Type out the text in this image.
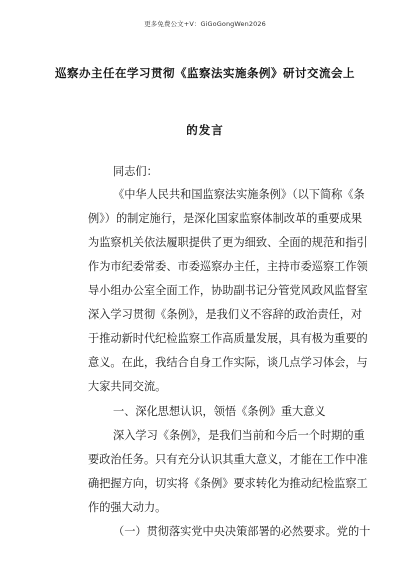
更多免费公文+V：GiGoGongWen2026
巡察办主任在学习贯彻《监察法实施条例》研讨交流会上
的发言
同志们：
《中华人民共和国监察法实施条例》（以下简称《条
例》）的制定施行，是深化国家监察体制改革的重要成果
为监察机关依法履职提供了更为细致、全面的规范和指引
作为市纪委常委、市委巡察办主任，主持市委巡察工作领
导小组办公室全面工作，协助副书记分管党风政风监督室
深入学习贯彻《条例》，是我们义不容辞的政治责任，对
于推动新时代纪检监察工作高质量发展，具有极为重要的
意义。在此，我结合自身工作实际，谈几点学习体会，与
大家共同交流。
一、深化思想认识，领悟《条例》重大意义
深入学习《条例》，是我们当前和今后一个时期的重
要政治任务。只有充分认识其重大意义，才能在工作中准
确把握方向，切实将《条例》要求转化为推动纪检监察工
作的强大动力。
（一）贯彻落实党中央决策部署的必然要求。党的十
